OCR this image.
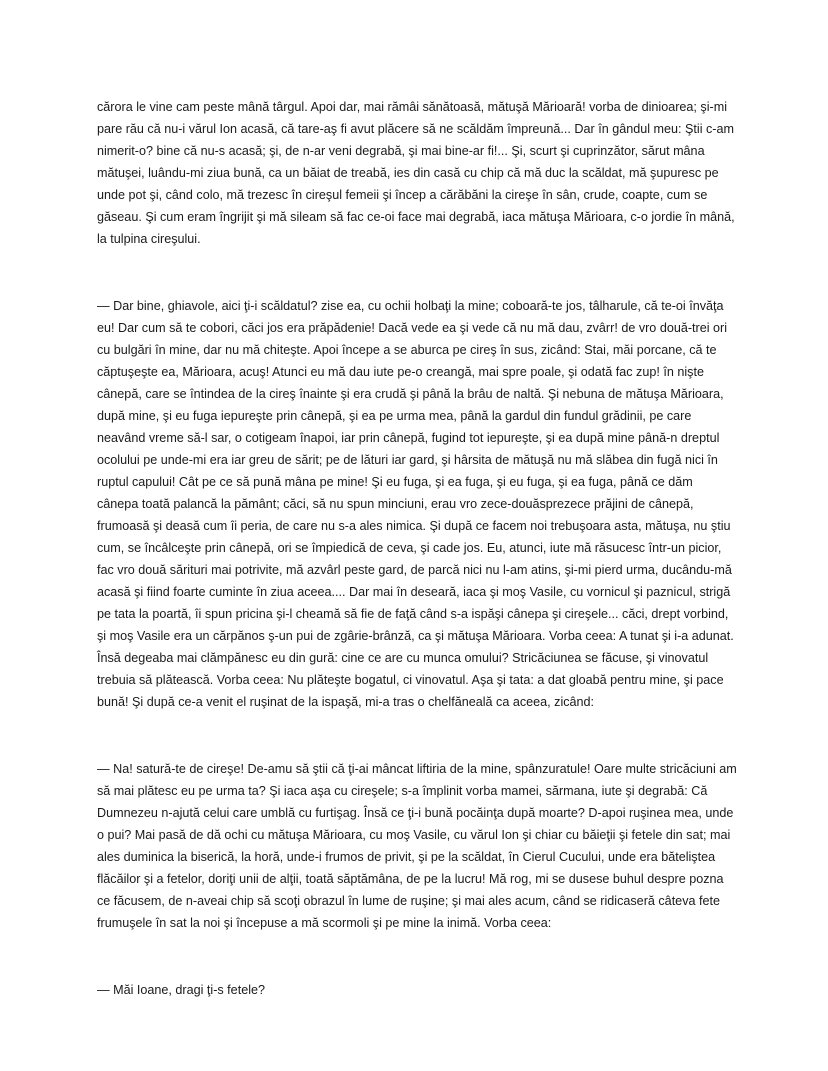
cărora le vine cam peste mână târgul. Apoi dar, mai rămâi sănătoasă, mătuşă Mărioară! vorba de dinioarea; şi-mi pare rău că nu-i vărul Ion acasă, că tare-aş fi avut plăcere să ne scăldăm împreună... Dar în gândul meu: Ştii c-am nimerit-o? bine că nu-s acasă; şi, de n-ar veni degrabă, şi mai bine-ar fi!... Şi, scurt şi cuprinzător, sărut mâna mătuşei, luându-mi ziua bună, ca un băiat de treabă, ies din casă cu chip că mă duc la scăldat, mă şupuresc pe unde pot şi, când colo, mă trezesc în cireşul femeii şi încep a cărăbăni la cireşe în sân, crude, coapte, cum se găseau. Şi cum eram îngrijit şi mă sileam să fac ce-oi face mai degrabă, iaca mătuşa Mărioara, c-o jordie în mână, la tulpina cireşului.

— Dar bine, ghiavole, aici ţi-i scăldatul? zise ea, cu ochii holbaţi la mine; coboară-te jos, tâlharule, că te-oi învăţa eu! Dar cum să te cobori, căci jos era prăpădenie! Dacă vede ea şi vede că nu mă dau, zvârr! de vro două-trei ori cu bulgări în mine, dar nu mă chiteşte. Apoi începe a se aburca pe cireş în sus, zicând: Stai, măi porcane, că te căptuşeşte ea, Mărioara, acuş! Atunci eu mă dau iute pe-o creangă, mai spre poale, şi odată fac zup! în nişte cânepă, care se întindea de la cireş înainte şi era crudă şi până la brâu de naltă. Şi nebuna de mătuşa Mărioara, după mine, şi eu fuga iepureşte prin cânepă, şi ea pe urma mea, până la gardul din fundul grădinii, pe care neavând vreme să-l sar, o cotigeam înapoi, iar prin cânepă, fugind tot iepureşte, şi ea după mine până-n dreptul ocolului pe unde-mi era iar greu de sărit; pe de lături iar gard, şi hârsita de mătuşă nu mă slăbea din fugă nici în ruptul capului! Cât pe ce să pună mâna pe mine! Şi eu fuga, şi ea fuga, şi eu fuga, şi ea fuga, până ce dăm cânepa toată palancă la pământ; căci, să nu spun minciuni, erau vro zece-douăsprezece prăjini de cânepă, frumoasă şi deasă cum îi peria, de care nu s-a ales nimica. Şi după ce facem noi trebuşoara asta, mătuşa, nu ştiu cum, se încâlceşte prin cânepă, ori se împiedică de ceva, şi cade jos. Eu, atunci, iute mă răsucesc într-un picior, fac vro două sărituri mai potrivite, mă azvârl peste gard, de parcă nici nu l-am atins, şi-mi pierd urma, ducându-mă acasă şi fiind foarte cuminte în ziua aceea.... Dar mai în deseară, iaca şi moş Vasile, cu vornicul şi paznicul, strigă pe tata la poartă, îi spun pricina şi-l cheamă să fie de faţă când s-a ispăşi cânepa şi cireşele... căci, drept vorbind, şi moş Vasile era un cărpănos ş-un pui de zgârie-brânză, ca şi mătuşa Mărioara. Vorba ceea: A tunat şi i-a adunat. Însă degeaba mai clămpănesc eu din gură: cine ce are cu munca omului? Stricăciunea se făcuse, şi vinovatul trebuia să plătească. Vorba ceea: Nu plăteşte bogatul, ci vinovatul. Aşa şi tata: a dat gloabă pentru mine, şi pace bună! Şi după ce-a venit el ruşinat de la ispaşă, mi-a tras o chelfăneală ca aceea, zicând:

— Na! satură-te de cireşe! De-amu să ştii că ţi-ai mâncat liftiria de la mine, spânzuratule! Oare multe stricăciuni am să mai plătesc eu pe urma ta? Şi iaca aşa cu cireşele; s-a împlinit vorba mamei, sărmana, iute şi degrabă: Că Dumnezeu n-ajută celui care umblă cu furtişag. Însă ce ţi-i bună pocăinţa după moarte? D-apoi ruşinea mea, unde o pui? Mai pasă de dă ochi cu mătuşa Mărioara, cu moş Vasile, cu vărul Ion şi chiar cu băieţii şi fetele din sat; mai ales duminica la biserică, la horă, unde-i frumos de privit, şi pe la scăldat, în Cierul Cucului, unde era băteliştea flăcăilor şi a fetelor, doriţi unii de alţii, toată săptămâna, de pe la lucru! Mă rog, mi se dusese buhul despre pozna ce făcusem, de n-aveai chip să scoţi obrazul în lume de ruşine; şi mai ales acum, când se ridicaseră câteva fete frumuşele în sat la noi şi începuse a mă scormoli şi pe mine la inimă. Vorba ceea:

— Măi Ioane, dragi ţi-s fetele?
